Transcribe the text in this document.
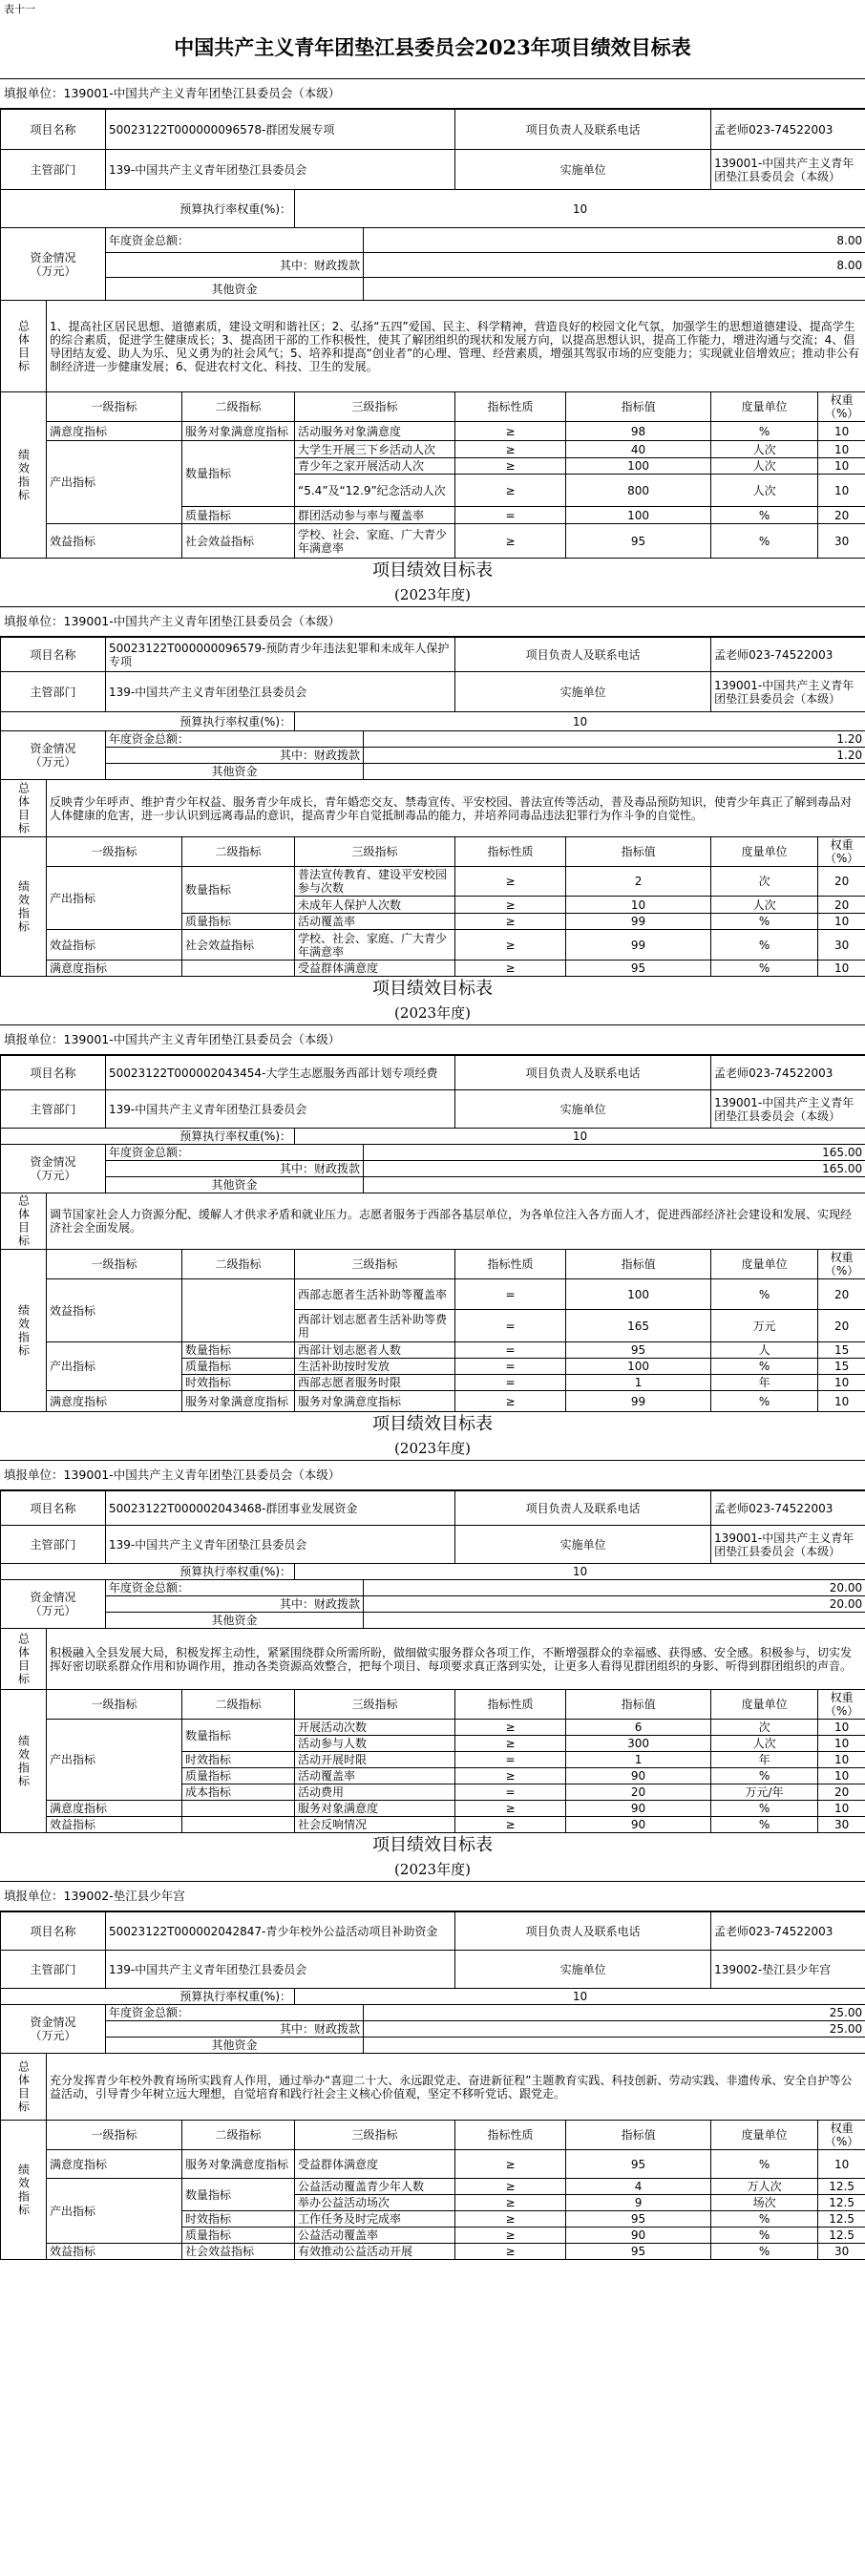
表十一
中国共产主义青年团垫江县委员会2023年项目绩效目标表
填报单位：139001-中国共产主义青年团垫江县委员会（本级）
项目名称		50023122T000000096578-群团发展专项				项目负责人及联系电话		孟老师023-74522003	
主管部门		139-中国共产主义青年团垫江县委员会				实施单位		139001-中国共产主义青年团垫江县委员会（本级）	
预算执行率权重(%)：				10					
资金情况
（万元）		年度资金总额：			8.00				
		其中：财政拨款			8.00				
		其他资金							
总体目标	1、提高社区居民思想、道德素质，建设文明和谐社区；2、弘扬“五四”爱国、民主、科学精神，营造良好的校园文化气氛，加强学生的思想道德建设、提高学生的综合素质，促进学生健康成长；3、提高团干部的工作积极性，使其了解团组织的现状和发展方向，以提高思想认识，提高工作能力，增进沟通与交流；4、倡导团结友爱、助人为乐、见义勇为的社会风气；5、培养和提高“创业者”的心理、管理、经营素质，增强其驾驭市场的应变能力；实现就业倍增效应；推动非公有制经济进一步健康发展；6、促进农村文化、科技、卫生的发展。								
绩效指标	一级指标		二级指标	三级指标		指标性质	指标值	度量单位	权重（%）
	满意度指标		服务对象满意度指标	活动服务对象满意度		≥	98	%	10
	产出指标		数量指标	大学生开展三下乡活动人次		≥	40	人次	10
				青少年之家开展活动人次		≥	100	人次	10
				“5.4”及“12.9”纪念活动人次		≥	800	人次	10
			质量指标	群团活动参与率与覆盖率		=	100	%	20
	效益指标		社会效益指标	学校、社会、家庭、广大青少年满意率		≥	95	%	30
项目绩效目标表
(2023年度)
填报单位：139001-中国共产主义青年团垫江县委员会（本级）
项目名称		50023122T000000096579-预防青少年违法犯罪和未成年人保护专项				项目负责人及联系电话		孟老师023-74522003	
主管部门		139-中国共产主义青年团垫江县委员会				实施单位		139001-中国共产主义青年团垫江县委员会（本级）	
预算执行率权重(%)：				10					
资金情况
（万元）		年度资金总额：			1.20				
		其中：财政拨款			1.20				
		其他资金							
总体目标	反映青少年呼声、维护青少年权益、服务青少年成长，青年婚恋交友、禁毒宣传、平安校园、普法宣传等活动，普及毒品预防知识，使青少年真正了解到毒品对人体健康的危害，进一步认识到远离毒品的意识，提高青少年自觉抵制毒品的能力，并培养同毒品违法犯罪行为作斗争的自觉性。								
绩效指标	一级指标		二级指标	三级指标		指标性质	指标值	度量单位	权重（%）
	产出指标		数量指标	普法宣传教育、建设平安校园参与次数		≥	2	次	20
				未成年人保护人次数		≥	10	人次	20
			质量指标	活动覆盖率		≥	99	%	10
	效益指标		社会效益指标	学校、社会、家庭、广大青少年满意率		≥	99	%	30
	满意度指标			受益群体满意度		≥	95	%	10
项目绩效目标表
(2023年度)
填报单位：139001-中国共产主义青年团垫江县委员会（本级）
项目名称		50023122T000002043454-大学生志愿服务西部计划专项经费				项目负责人及联系电话		孟老师023-74522003	
主管部门		139-中国共产主义青年团垫江县委员会				实施单位		139001-中国共产主义青年团垫江县委员会（本级）	
预算执行率权重(%)：				10					
资金情况
（万元）		年度资金总额：			165.00				
		其中：财政拨款			165.00				
		其他资金							
总体目标	调节国家社会人力资源分配、缓解人才供求矛盾和就业压力。志愿者服务于西部各基层单位，为各单位注入各方面人才，促进西部经济社会建设和发展、实现经济社会全面发展。								
绩效指标	一级指标		二级指标	三级指标		指标性质	指标值	度量单位	权重（%）
	效益指标			西部志愿者生活补助等覆盖率		=	100	%	20
				西部计划志愿者生活补助等费用		=	165	万元	20
	产出指标		数量指标	西部计划志愿者人数		=	95	人	15
			质量指标	生活补助按时发放		=	100	%	15
			时效指标	西部志愿者服务时限		=	1	年	10
	满意度指标		服务对象满意度指标	服务对象满意度指标		≥	99	%	10
项目绩效目标表
(2023年度)
填报单位：139001-中国共产主义青年团垫江县委员会（本级）
项目名称		50023122T000002043468-群团事业发展资金				项目负责人及联系电话		孟老师023-74522003	
主管部门		139-中国共产主义青年团垫江县委员会				实施单位		139001-中国共产主义青年团垫江县委员会（本级）	
预算执行率权重(%)：				10					
资金情况
（万元）		年度资金总额：			20.00				
		其中：财政拨款			20.00				
		其他资金							
总体目标	积极融入全县发展大局，积极发挥主动性，紧紧围绕群众所需所盼，做细做实服务群众各项工作，不断增强群众的幸福感、获得感、安全感。积极参与，切实发挥好密切联系群众作用和协调作用，推动各类资源高效整合，把每个项目、每项要求真正落到实处，让更多人看得见群团组织的身影、听得到群团组织的声音。								
绩效指标	一级指标		二级指标	三级指标		指标性质	指标值	度量单位	权重（%）
	产出指标		数量指标	开展活动次数		≥	6	次	10
				活动参与人数		≥	300	人次	10
			时效指标	活动开展时限		=	1	年	10
			质量指标	活动覆盖率		≥	90	%	10
			成本指标	活动费用		=	20	万元/年	20
	满意度指标			服务对象满意度		≥	90	%	10
	效益指标			社会反响情况		≥	90	%	30
项目绩效目标表
(2023年度)
填报单位：139002-垫江县少年宫
项目名称		50023122T000002042847-青少年校外公益活动项目补助资金				项目负责人及联系电话		孟老师023-74522003	
主管部门		139-中国共产主义青年团垫江县委员会				实施单位		139002-垫江县少年宫	
预算执行率权重(%)：				10					
资金情况
（万元）		年度资金总额：			25.00				
		其中：财政拨款			25.00				
		其他资金							
总体目标	充分发挥青少年校外教育场所实践育人作用，通过举办“喜迎二十大、永远跟党走、奋进新征程”主题教育实践、科技创新、劳动实践、非遗传承、安全自护等公益活动，引导青少年树立远大理想，自觉培育和践行社会主义核心价值观，坚定不移听党话、跟党走。								
绩效指标	一级指标		二级指标	三级指标		指标性质	指标值	度量单位	权重（%）
	满意度指标		服务对象满意度指标	受益群体满意度		≥	95	%	10
	产出指标		数量指标	公益活动覆盖青少年人数		≥	4	万人次	12.5
				举办公益活动场次		≥	9	场次	12.5
			时效指标	工作任务及时完成率		≥	95	%	12.5
			质量指标	公益活动覆盖率		≥	90	%	12.5
	效益指标		社会效益指标	有效推动公益活动开展		≥	95	%	30
